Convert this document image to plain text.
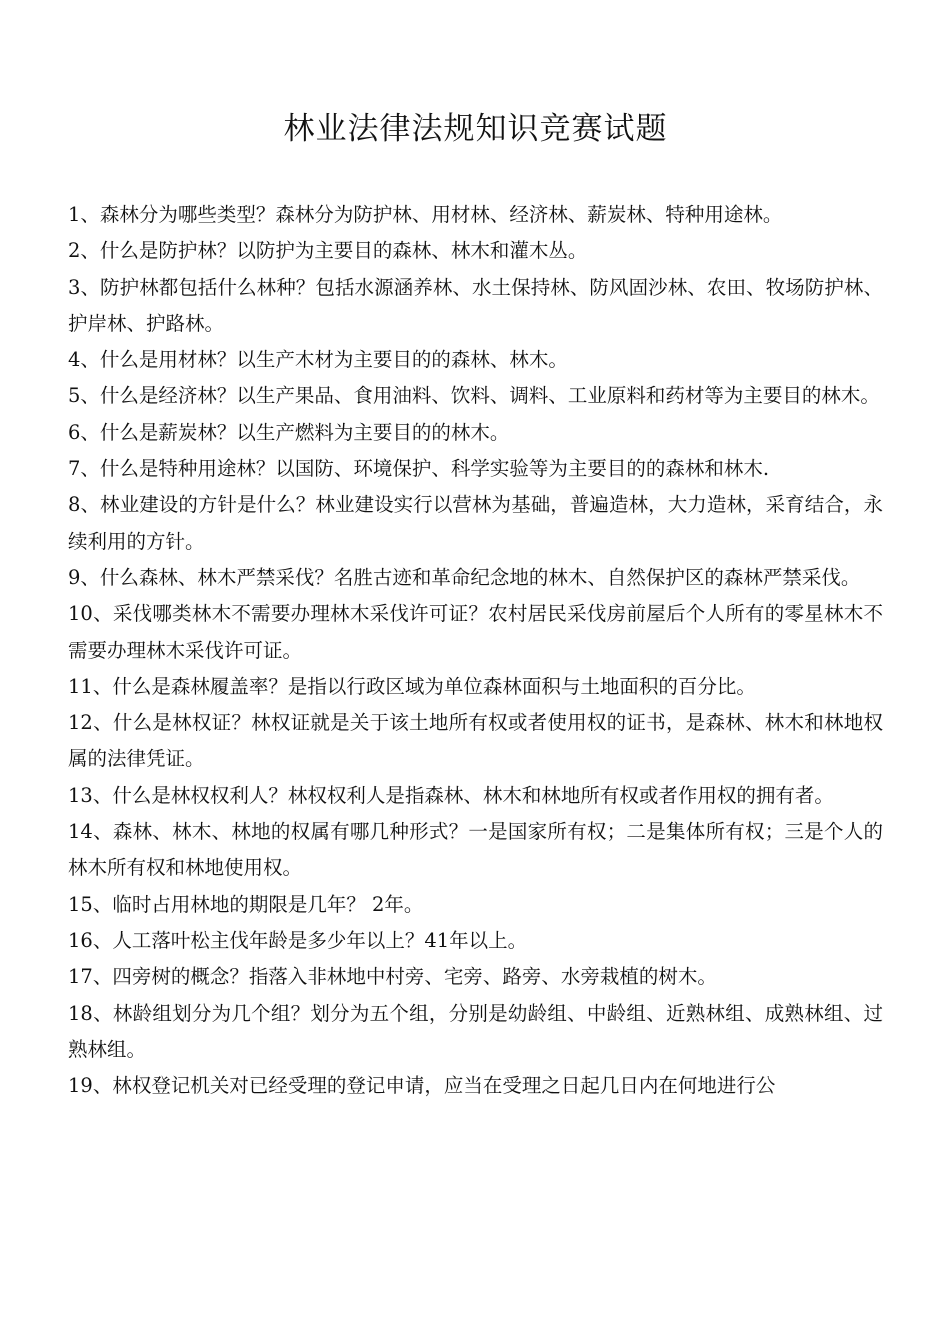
林业法律法规知识竞赛试题

1、森林分为哪些类型？森林分为防护林、用材林、经济林、薪炭林、特种用途林。

2、什么是防护林？以防护为主要目的森林、林木和灌木丛。

3、防护林都包括什么林种？包括水源涵养林、水土保持林、防风固沙林、农田、牧场防护林、护岸林、护路林。

4、什么是用材林？以生产木材为主要目的的森林、林木。

5、什么是经济林？以生产果品、食用油料、饮料、调料、工业原料和药材等为主要目的林木。

6、什么是薪炭林？以生产燃料为主要目的的林木。

7、什么是特种用途林？以国防、环境保护、科学实验等为主要目的的森林和林木.

8、林业建设的方针是什么？林业建设实行以营林为基础，普遍造林，大力造林，采育结合，永续利用的方针。

9、什么森林、林木严禁采伐？名胜古迹和革命纪念地的林木、自然保护区的森林严禁采伐。

10、采伐哪类林木不需要办理林木采伐许可证？农村居民采伐房前屋后个人所有的零星林木不需要办理林木采伐许可证。

11、什么是森林履盖率？是指以行政区域为单位森林面积与土地面积的百分比。

12、什么是林权证？林权证就是关于该土地所有权或者使用权的证书，是森林、林木和林地权属的法律凭证。

13、什么是林权权利人？林权权利人是指森林、林木和林地所有权或者作用权的拥有者。

14、森林、林木、林地的权属有哪几种形式？一是国家所有权；二是集体所有权；三是个人的林木所有权和林地使用权。

15、临时占用林地的期限是几年？ 2年。

16、人工落叶松主伐年龄是多少年以上？41年以上。

17、四旁树的概念？指落入非林地中村旁、宅旁、路旁、水旁栽植的树木。

18、林龄组划分为几个组？划分为五个组，分别是幼龄组、中龄组、近熟林组、成熟林组、过熟林组。

19、林权登记机关对已经受理的登记申请，应当在受理之日起几日内在何地进行公
